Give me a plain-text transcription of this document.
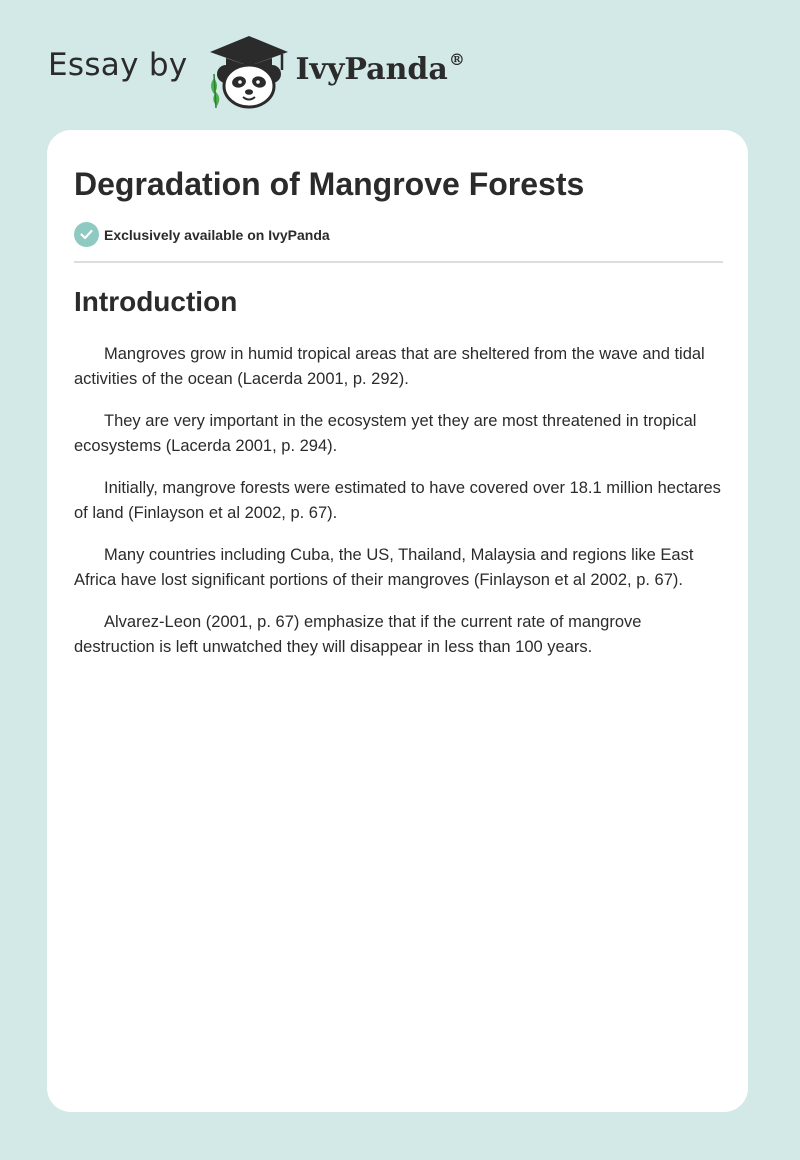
Essay by	IvyPanda®
Degradation of Mangrove Forests
Exclusively available on IvyPanda
Introduction

Mangroves grow in humid tropical areas that are sheltered from the wave and tidal activities of the ocean (Lacerda 2001, p. 292).

They are very important in the ecosystem yet they are most threatened in tropical ecosystems (Lacerda 2001, p. 294).

Initially, mangrove forests were estimated to have covered over 18.1 million hectares of land (Finlayson et al 2002, p. 67).

Many countries including Cuba, the US, Thailand, Malaysia and regions like East Africa have lost significant portions of their mangroves (Finlayson et al 2002, p. 67).

Alvarez-Leon (2001, p. 67) emphasize that if the current rate of mangrove destruction is left unwatched they will disappear in less than 100 years.
